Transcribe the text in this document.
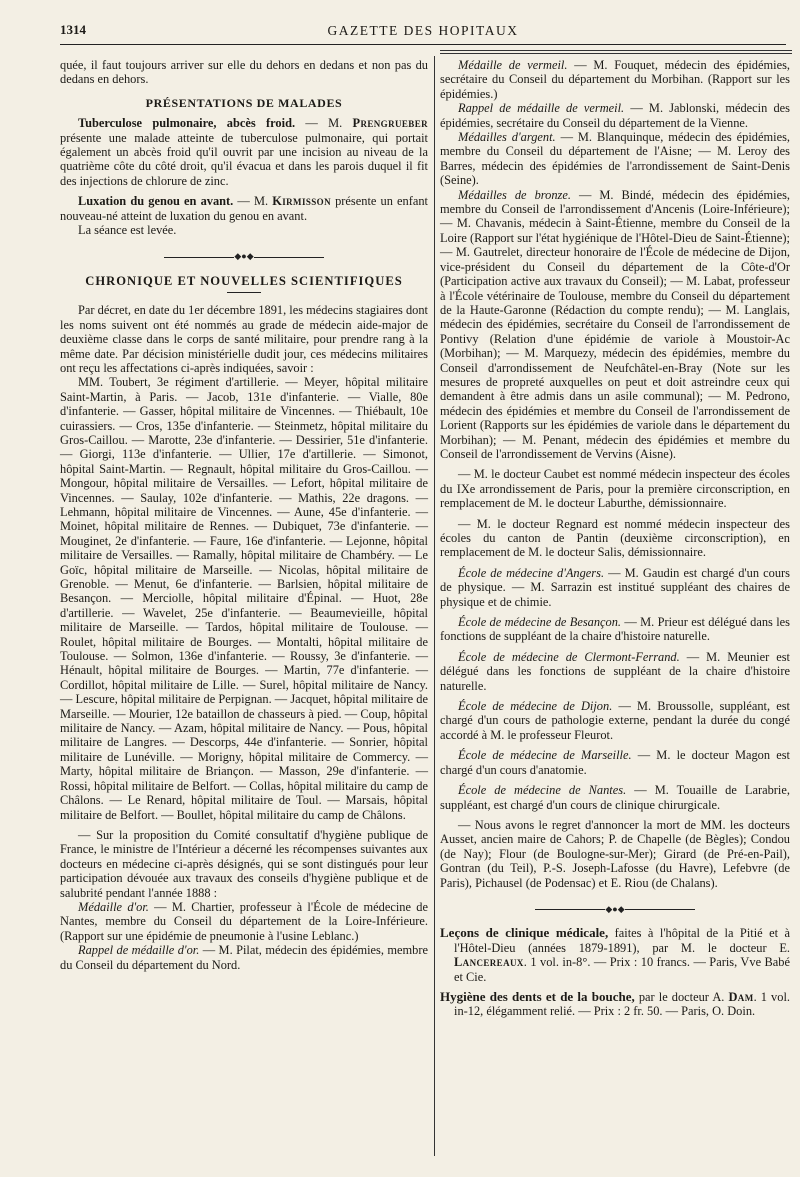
1314	GAZETTE DES HOPITAUX

quée, il faut toujours arriver sur elle du dehors en dedans et non pas du dedans en dehors.

PRÉSENTATIONS DE MALADES

Tuberculose pulmonaire, abcès froid. — M. Prengrueber présente une malade atteinte de tuberculose pulmonaire, qui portait également un abcès froid qu'il ouvrit par une incision au niveau de la quatrième côte du côté droit, qu'il évacua et dans les parois duquel il fit des injections de chlorure de zinc.

Luxation du genou en avant. — M. Kirmisson présente un enfant nouveau-né atteint de luxation du genou en avant.

La séance est levée.

◆●◆
CHRONIQUE ET NOUVELLES SCIENTIFIQUES

Par décret, en date du 1er décembre 1891, les médecins stagiaires dont les noms suivent ont été nommés au grade de médecin aide-major de deuxième classe dans le corps de santé militaire, pour prendre rang à la même date. Par décision ministérielle dudit jour, ces médecins militaires ont reçu les affectations ci-après indiquées, savoir :

MM. Toubert, 3e régiment d'artillerie. — Meyer, hôpital militaire Saint-Martin, à Paris. — Jacob, 131e d'infanterie. — Vialle, 80e d'infanterie. — Gasser, hôpital militaire de Vincennes. — Thiébault, 10e cuirassiers. — Cros, 135e d'infanterie. — Steinmetz, hôpital militaire du Gros-Caillou. — Marotte, 23e d'infanterie. — Dessirier, 51e d'infanterie. — Giorgi, 113e d'infanterie. — Ullier, 17e d'artillerie. — Simonot, hôpital Saint-Martin. — Regnault, hôpital militaire du Gros-Caillou. — Mongour, hôpital militaire de Versailles. — Lefort, hôpital militaire de Vincennes. — Saulay, 102e d'infanterie. — Mathis, 22e dragons. — Lehmann, hôpital militaire de Vincennes. — Aune, 45e d'infanterie. — Moinet, hôpital militaire de Rennes. — Dubiquet, 73e d'infanterie. — Mouginet, 2e d'infanterie. — Faure, 16e d'infanterie. — Lejonne, hôpital militaire de Versailles. — Ramally, hôpital militaire de Chambéry. — Le Goïc, hôpital militaire de Marseille. — Nicolas, hôpital militaire de Grenoble. — Menut, 6e d'infanterie. — Barlsien, hôpital militaire de Besançon. — Merciolle, hôpital militaire d'Épinal. — Huot, 28e d'artillerie. — Wavelet, 25e d'infanterie. — Beaumevieille, hôpital militaire de Marseille. — Tardos, hôpital militaire de Toulouse. — Roulet, hôpital militaire de Bourges. — Montalti, hôpital militaire de Toulouse. — Solmon, 136e d'infanterie. — Roussy, 3e d'infanterie. — Hénault, hôpital militaire de Bourges. — Martin, 77e d'infanterie. — Cordillot, hôpital militaire de Lille. — Surel, hôpital militaire de Nancy. — Lescure, hôpital militaire de Perpignan. — Jacquet, hôpital militaire de Marseille. — Mourier, 12e bataillon de chasseurs à pied. — Coup, hôpital militaire de Nancy. — Azam, hôpital militaire de Nancy. — Pous, hôpital militaire de Langres. — Descorps, 44e d'infanterie. — Sonrier, hôpital militaire de Lunéville. — Morigny, hôpital militaire de Commercy. — Marty, hôpital militaire de Briançon. — Masson, 29e d'infanterie. — Rossi, hôpital militaire de Belfort. — Collas, hôpital militaire du camp de Châlons. — Le Renard, hôpital militaire de Toul. — Marsais, hôpital militaire de Belfort. — Boullet, hôpital militaire du camp de Châlons.

— Sur la proposition du Comité consultatif d'hygiène publique de France, le ministre de l'Intérieur a décerné les récompenses suivantes aux docteurs en médecine ci-après désignés, qui se sont distingués pour leur participation dévouée aux travaux des conseils d'hygiène publique et de salubrité pendant l'année 1888 :

Médaille d'or. — M. Chartier, professeur à l'École de médecine de Nantes, membre du Conseil du département de la Loire-Inférieure. (Rapport sur une épidémie de pneumonie à l'usine Leblanc.)

Rappel de médaille d'or. — M. Pilat, médecin des épidémies, membre du Conseil du département du Nord.

Médaille de vermeil. — M. Fouquet, médecin des épidémies, secrétaire du Conseil du département du Morbihan. (Rapport sur les épidémies.)

Rappel de médaille de vermeil. — M. Jablonski, médecin des épidémies, secrétaire du Conseil du département de la Vienne.

Médailles d'argent. — M. Blanquinque, médecin des épidémies, membre du Conseil du département de l'Aisne; — M. Leroy des Barres, médecin des épidémies de l'arrondissement de Saint-Denis (Seine).

Médailles de bronze. — M. Bindé, médecin des épidémies, membre du Conseil de l'arrondissement d'Ancenis (Loire-Inférieure); — M. Chavanis, médecin à Saint-Étienne, membre du Conseil de la Loire (Rapport sur l'état hygiénique de l'Hôtel-Dieu de Saint-Étienne); — M. Gautrelet, directeur honoraire de l'École de médecine de Dijon, vice-président du Conseil du département de la Côte-d'Or (Participation active aux travaux du Conseil); — M. Labat, professeur à l'École vétérinaire de Toulouse, membre du Conseil du département de la Haute-Garonne (Rédaction du compte rendu); — M. Langlais, médecin des épidémies, secrétaire du Conseil de l'arrondissement de Pontivy (Relation d'une épidémie de variole à Moustoir-Ac (Morbihan); — M. Marquezy, médecin des épidémies, membre du Conseil d'arrondissement de Neufchâtel-en-Bray (Note sur les mesures de propreté auxquelles on peut et doit astreindre ceux qui demandent à être admis dans un asile communal); — M. Pedrono, médecin des épidémies et membre du Conseil de l'arrondissement de Lorient (Rapports sur les épidémies de variole dans le département du Morbihan); — M. Penant, médecin des épidémies et membre du Conseil de l'arrondissement de Vervins (Aisne).

— M. le docteur Caubet est nommé médecin inspecteur des écoles du IXe arrondissement de Paris, pour la première circonscription, en remplacement de M. le docteur Laburthe, démissionnaire.

— M. le docteur Regnard est nommé médecin inspecteur des écoles du canton de Pantin (deuxième circonscription), en remplacement de M. le docteur Salis, démissionnaire.

École de médecine d'Angers. — M. Gaudin est chargé d'un cours de physique. — M. Sarrazin est institué suppléant des chaires de physique et de chimie.

École de médecine de Besançon. — M. Prieur est délégué dans les fonctions de suppléant de la chaire d'histoire naturelle.

École de médecine de Clermont-Ferrand. — M. Meunier est délégué dans les fonctions de suppléant de la chaire d'histoire naturelle.

École de médecine de Dijon. — M. Broussolle, suppléant, est chargé d'un cours de pathologie externe, pendant la durée du congé accordé à M. le professeur Fleurot.

École de médecine de Marseille. — M. le docteur Magon est chargé d'un cours d'anatomie.

École de médecine de Nantes. — M. Touaille de Larabrie, suppléant, est chargé d'un cours de clinique chirurgicale.

— Nous avons le regret d'annoncer la mort de MM. les docteurs Ausset, ancien maire de Cahors; P. de Chapelle (de Bègles); Condou (de Nay); Flour (de Boulogne-sur-Mer); Girard (de Pré-en-Pail), Gontran (du Teil), P.-S. Joseph-Lafosse (du Havre), Lefebvre (de Paris), Pichausel (de Podensac) et E. Riou (de Chalans).

◆●◆

Leçons de clinique médicale, faites à l'hôpital de la Pitié et à l'Hôtel-Dieu (années 1879-1891), par M. le docteur E. Lancereaux. 1 vol. in-8°. — Prix : 10 francs. — Paris, Vve Babé et Cie.

Hygiène des dents et de la bouche, par le docteur A. Dam. 1 vol. in-12, élégamment relié. — Prix : 2 fr. 50. — Paris, O. Doin.
